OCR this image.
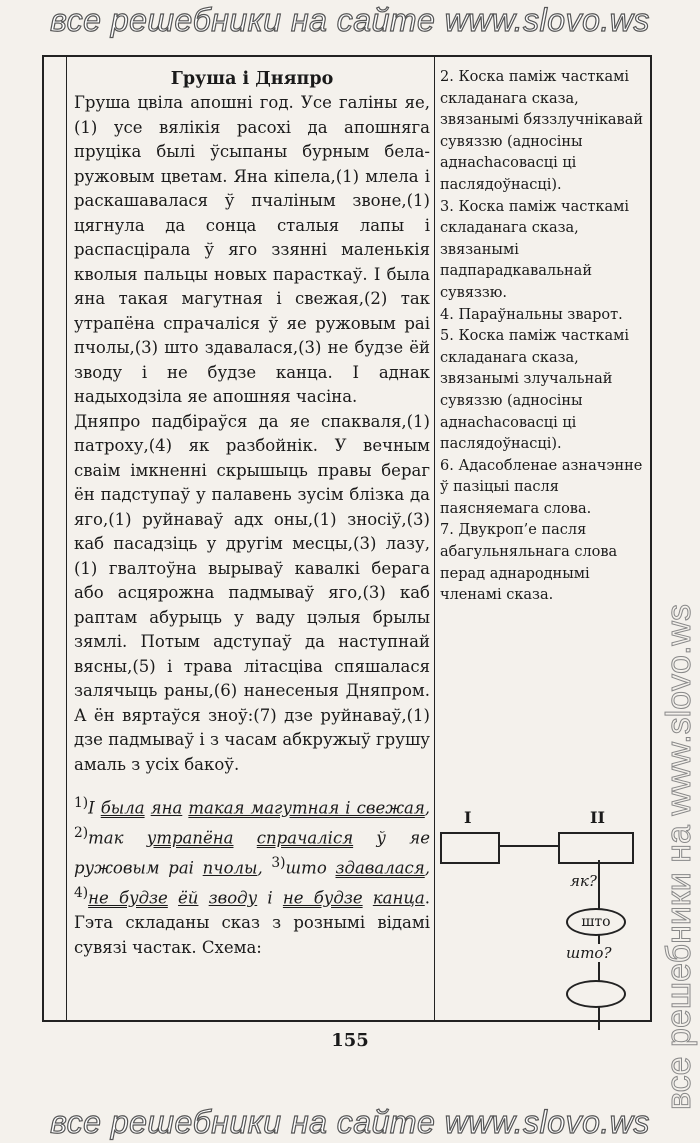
все решебники на сайте www.slovo.ws
все решебники на www.slovo.ws
Груша і Дняпро

Груша цвіла апошні год. Усе галіны яе,(1) усе вялікія расохі да апошняга пруціка былі ўсыпаны бурным бела-ружовым цветам. Яна кіпела,(1) млела і раскашавалася ў пчаліным звоне,(1) цягнула да сонца сталыя лапы і распасціралa ў яго ззянні маленькія кволыя пальцы новых парасткаў. І была яна такая магутная і свежая,(2) так утрапёна спрачаліся ў яе ружовым раі пчолы,(3) што здавалася,(3) не будзе ёй зводу і не будзе канца. І аднак надыходзіла яе апошняя часіна.

Дняпро падбіраўся да яе спакваля,(1) патроху,(4) як разбойнік. У вечным сваім імкненні скрышыць правы бераг ён падступаў у палавень зусім блізка да яго,(1) руйнаваў адх оны,(1) зносіў,(3) каб пасадзіць у другім месцы,(3) лазу,(1) гвалтоўна вырываў кавалкі берага або асцярожна падмываў яго,(3) каб раптам абурыць у ваду цэлыя брылы зямлі. Потым адступаў да наступнай вясны,(5) і трава літасціва спяшалася залячыць раны,(6) нанесеныя Дняпром. А ён вяртаўся зноў:(7) дзе руйнаваў,(1) дзе падмываў і з часам абкружыў грушу амаль з усіх бакоў.

$^{1)}$І была яна такая магутная і свежая, $^{2)}$так утрапёна спрачаліся ў яе ружовым раі пчолы, $^{3)}$што здавалася, $^{4)}$не будзе ёй зводу і не будзе канца. Гэта складаны сказ з рознымі відамі сувязі частак. Схема:

2. Коска паміж часткамі складанага сказа, звязанымі бяззлучнікавай сувяззю (адносіны аднachасовасці ці паслядоўнасці).

3. Коска паміж часткамі складанага сказа, звязанымі падпарадкавальнай сувяззю.

4. Параўнальны зварот.

5. Коска паміж часткамі складанага сказа, звязанымі злучальнай сувяззю (адносіны аднachасовасці ці паслядоўнасці).

6. Адасобленае азначэнне ў пазіцыі пасля паясняемага слова.

7. Двукроп’е пасля абагульняльнага слова перад аднароднымі членамі сказа.

I	II
як?
што
што?
155
все решебники на сайте www.slovo.ws
